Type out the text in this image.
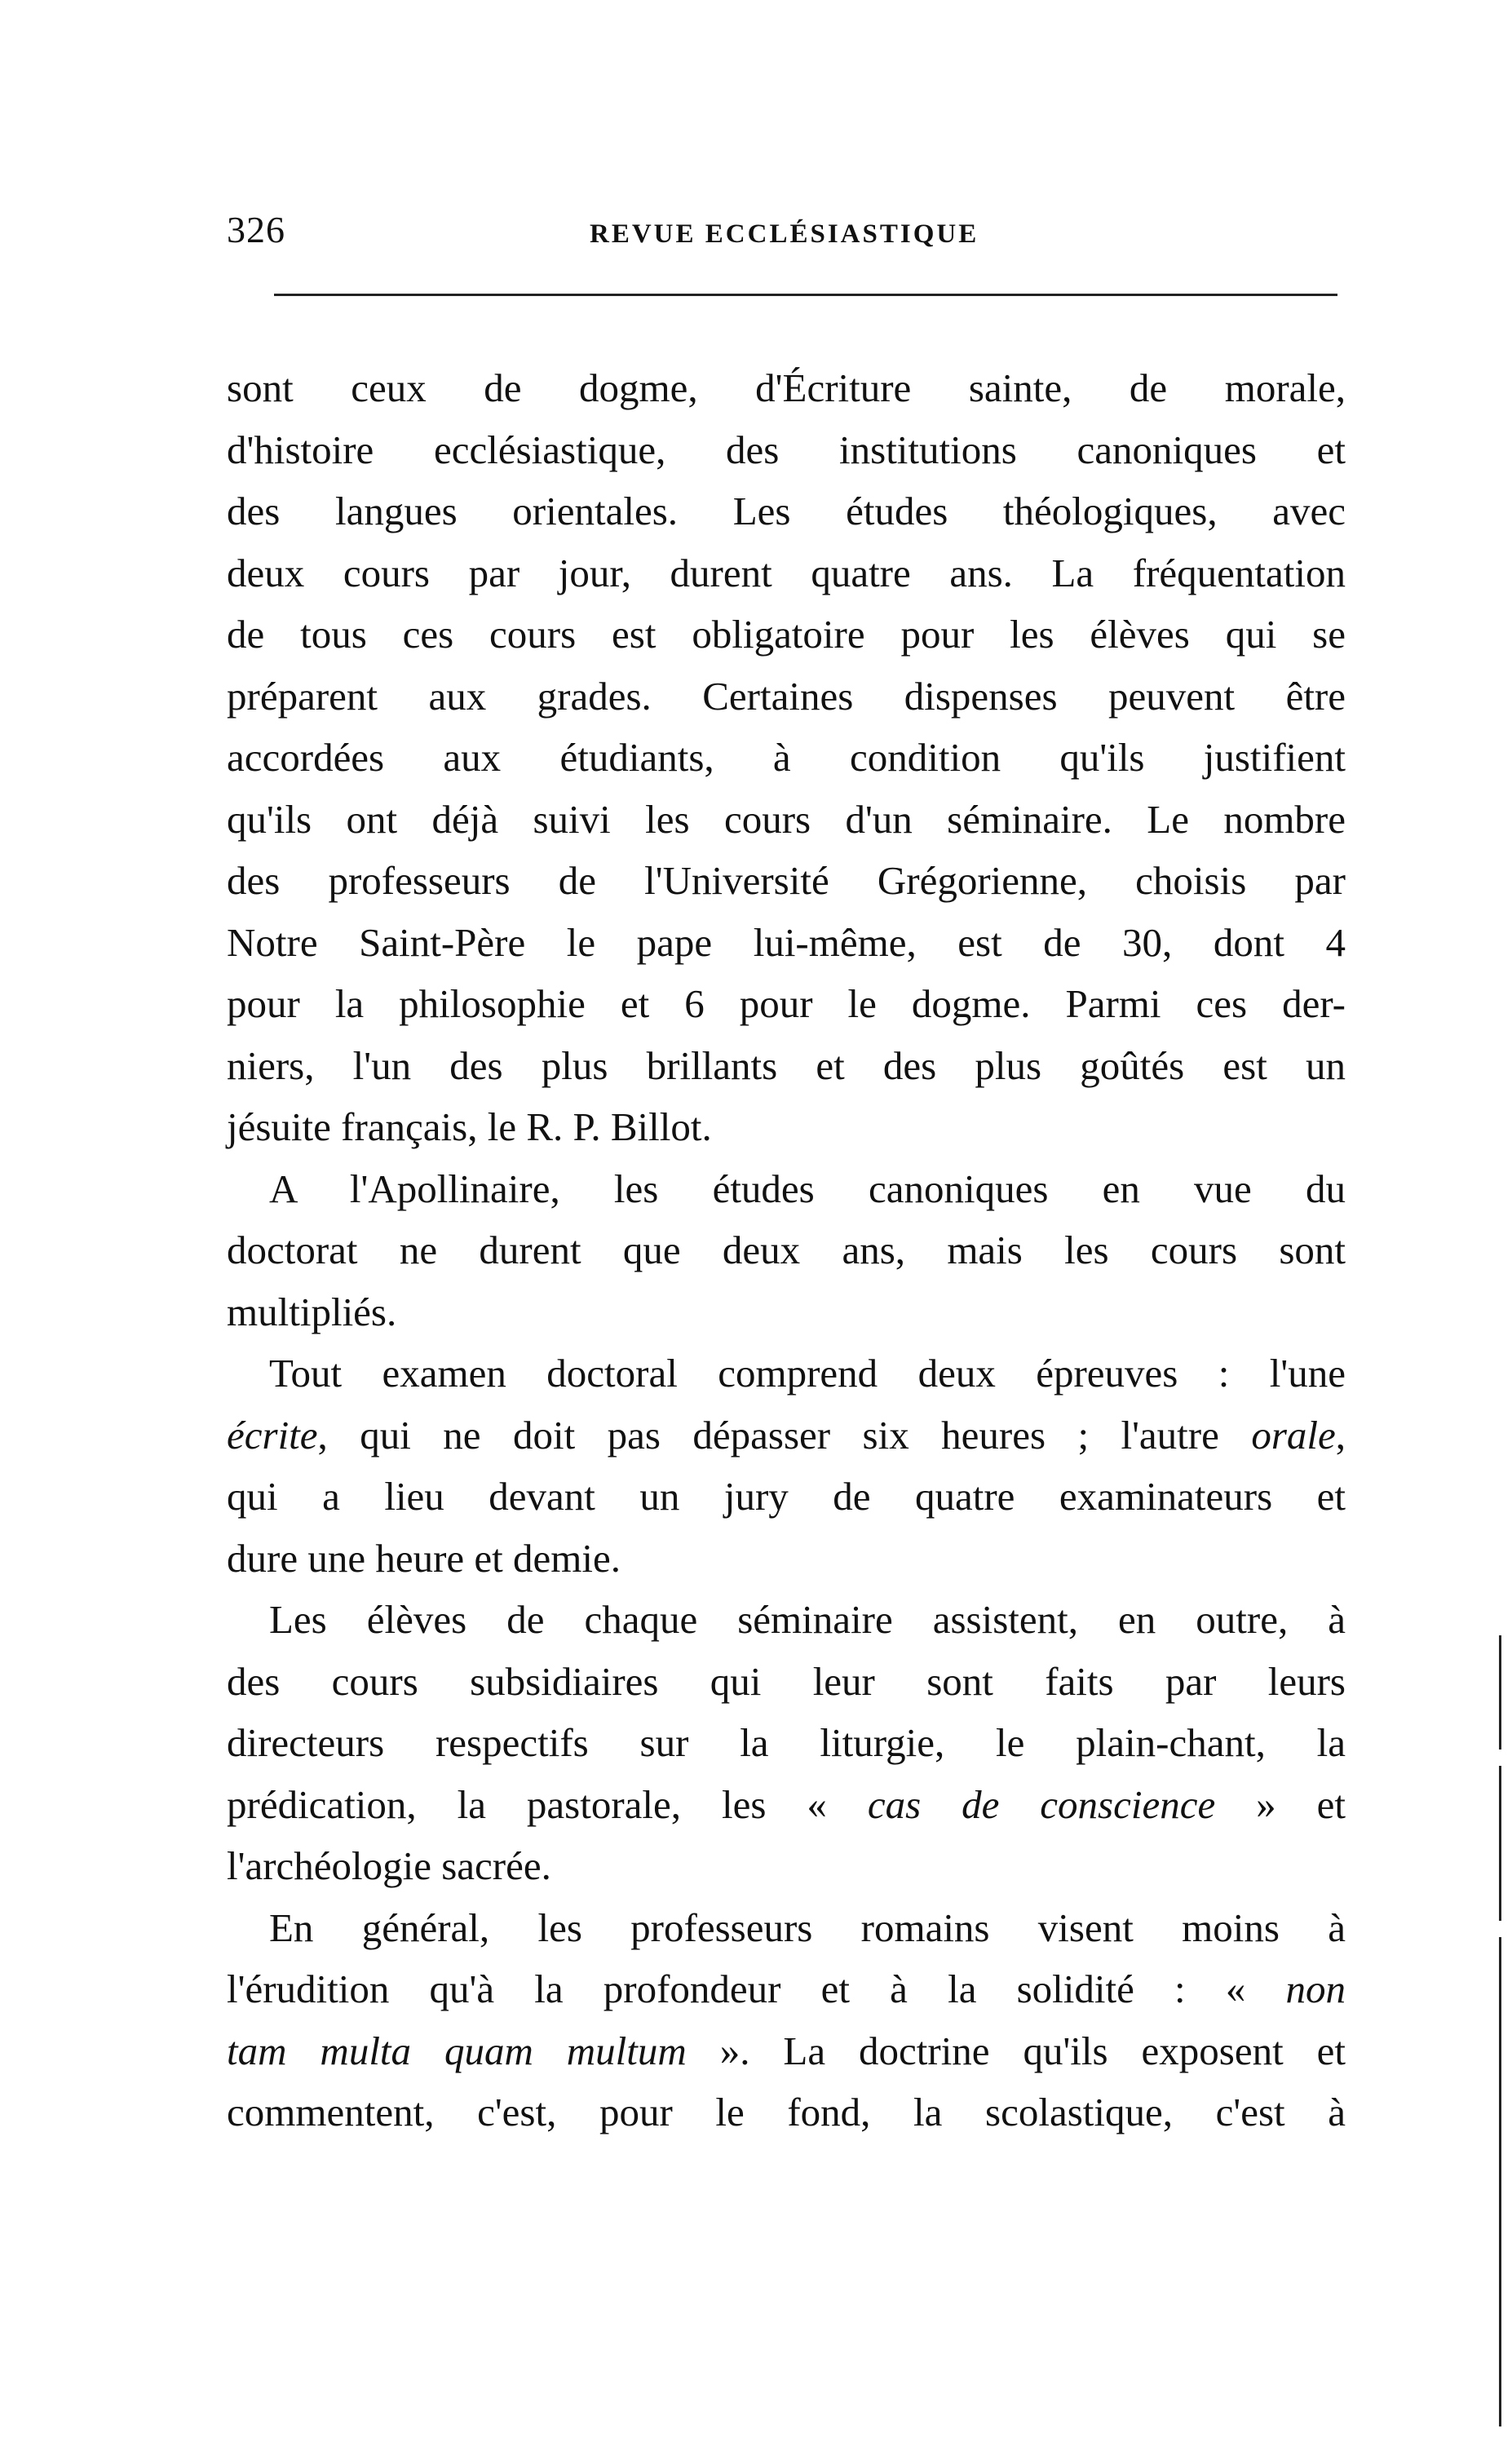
326	REVUE ECCLÉSIASTIQUE
sont ceux de dogme, d'Écriture sainte, de morale,
d'histoire ecclésiastique, des institutions canoniques et
des langues orientales. Les études théologiques, avec
deux cours par jour, durent quatre ans. La fréquentation
de tous ces cours est obligatoire pour les élèves qui se
préparent aux grades. Certaines dispenses peuvent être
accordées aux étudiants, à condition qu'ils justifient
qu'ils ont déjà suivi les cours d'un séminaire. Le nombre
des professeurs de l'Université Grégorienne, choisis par
Notre Saint-Père le pape lui-même, est de 30, dont 4
pour la philosophie et 6 pour le dogme. Parmi ces der-
niers, l'un des plus brillants et des plus goûtés est un
jésuite français, le R. P. Billot.
A l'Apollinaire, les études canoniques en vue du
doctorat ne durent que deux ans, mais les cours sont
multipliés.
Tout examen doctoral comprend deux épreuves : l'une
écrite, qui ne doit pas dépasser six heures ; l'autre orale,
qui a lieu devant un jury de quatre examinateurs et
dure une heure et demie.
Les élèves de chaque séminaire assistent, en outre, à
des cours subsidiaires qui leur sont faits par leurs
directeurs respectifs sur la liturgie, le plain-chant, la
prédication, la pastorale, les « cas de conscience » et
l'archéologie sacrée.
En général, les professeurs romains visent moins à
l'érudition qu'à la profondeur et à la solidité : « non
tam multa quam multum ». La doctrine qu'ils exposent et
commentent, c'est, pour le fond, la scolastique, c'est à
